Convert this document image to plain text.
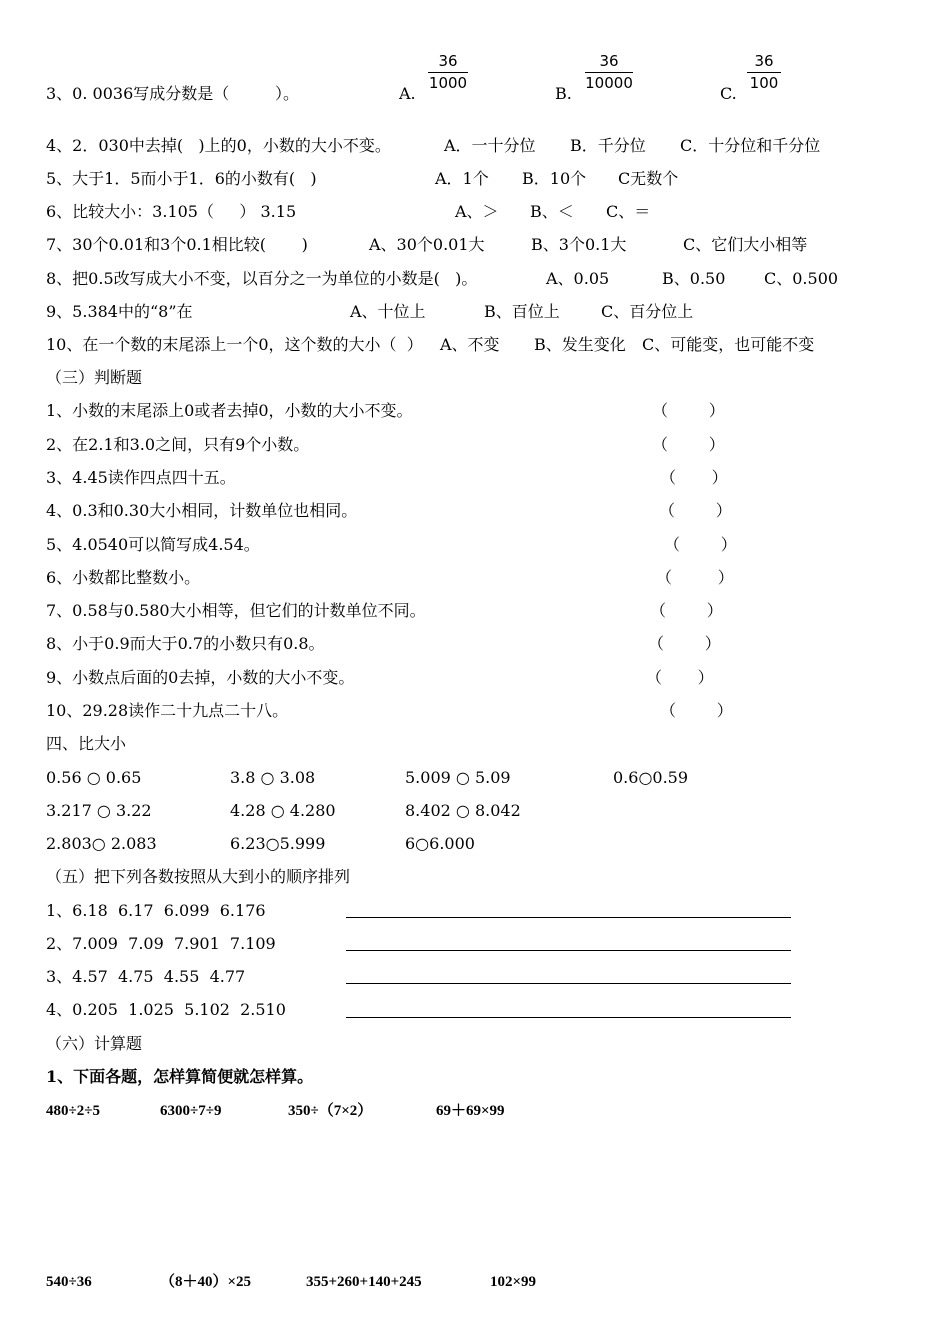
3、0. 0036写成分数是（         ）。	A.
36
1000
B.
36
10000
C.
36
100
4、2．030中去掉(   )上的0，小数的大小不变。	A．一十分位 B．千分位 C．十分位和千分位
5、大于1．5而小于1．6的小数有(   )	A．1个 B．10个 C无数个
6、比较大小：3.105（     ） 3.15	A、＞ B、＜ C、＝
7、30个0.01和3个0.1相比较(       )	A、30个0.01大	B、3个0.1大	C、它们大小相等
8、把0.5改写成大小不变，以百分之一为单位的小数是(   )。	A、0.05	B、0.50 C、0.500
9、5.384中的“8”在	A、十位上	B、百位上	C、百分位上
10、在一个数的末尾添上一个0，这个数的大小（  ） A、不变 B、发生变化 C、可能变，也可能不变
（三）判断题
1、小数的末尾添上0或者去掉0，小数的大小不变。	（        ）
2、在2.1和3.0之间，只有9个小数。	（        ）
3、4.45读作四点四十五。	（       ）
4、0.3和0.30大小相同，计数单位也相同。	（        ）
5、4.0540可以简写成4.54。	（        ）
6、小数都比整数小。	（         ）
7、0.58与0.580大小相等，但它们的计数单位不同。	（        ）
8、小于0.9而大于0.7的小数只有0.8。	（        ）
9、小数点后面的0去掉，小数的大小不变。	（       ）
10、29.28读作二十九点二十八。	（        ）
四、比大小
0.56 ○ 0.65	3.8 ○ 3.08	5.009 ○ 5.09	0.6○0.59
3.217 ○ 3.22	4.28 ○ 4.280	8.402 ○ 8.042
2.803○ 2.083	6.23○5.999	6○6.000
（五）把下列各数按照从大到小的顺序排列
1、6.18  6.17  6.099  6.176
2、7.009  7.09  7.901  7.109
3、4.57  4.75  4.55  4.77
4、0.205  1.025  5.102  2.510
（六）计算题
1、下面各题，怎样算简便就怎样算。
480÷2÷5	6300÷7÷9	350÷（7×2）	69＋69×99
540÷36	（8＋40）×25	355+260+140+245	102×99
